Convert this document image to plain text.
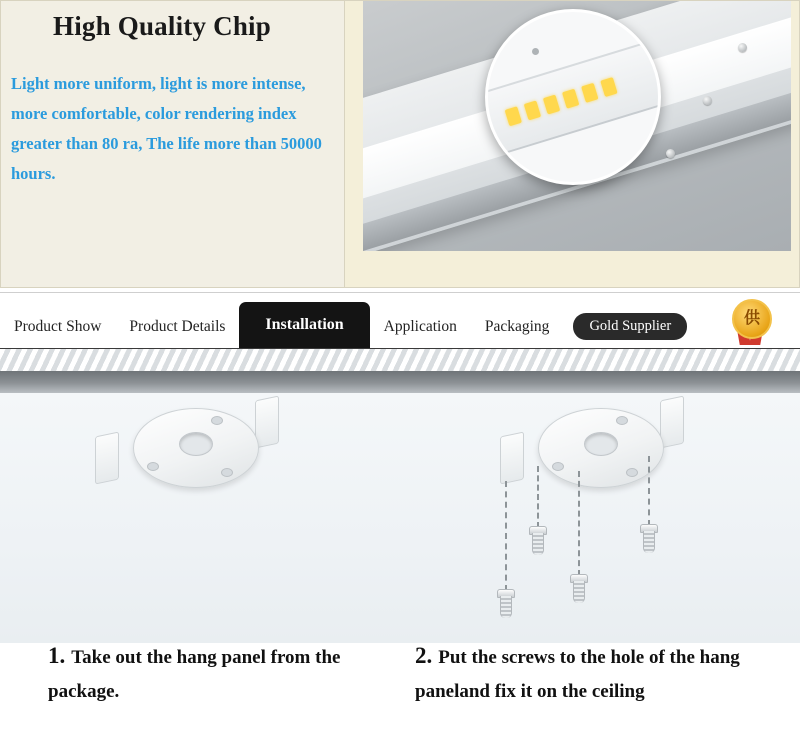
High Quality Chip
Light more uniform, light is more intense, more comfortable, color rendering index greater than 80 ra, The life more than 50000 hours.
Product Show	Product Details	Installation	Application	Packaging	Gold Supplier	供
1. Take out the hang panel from the package.
2. Put the screws to the hole of the hang paneland fix it on the ceiling
